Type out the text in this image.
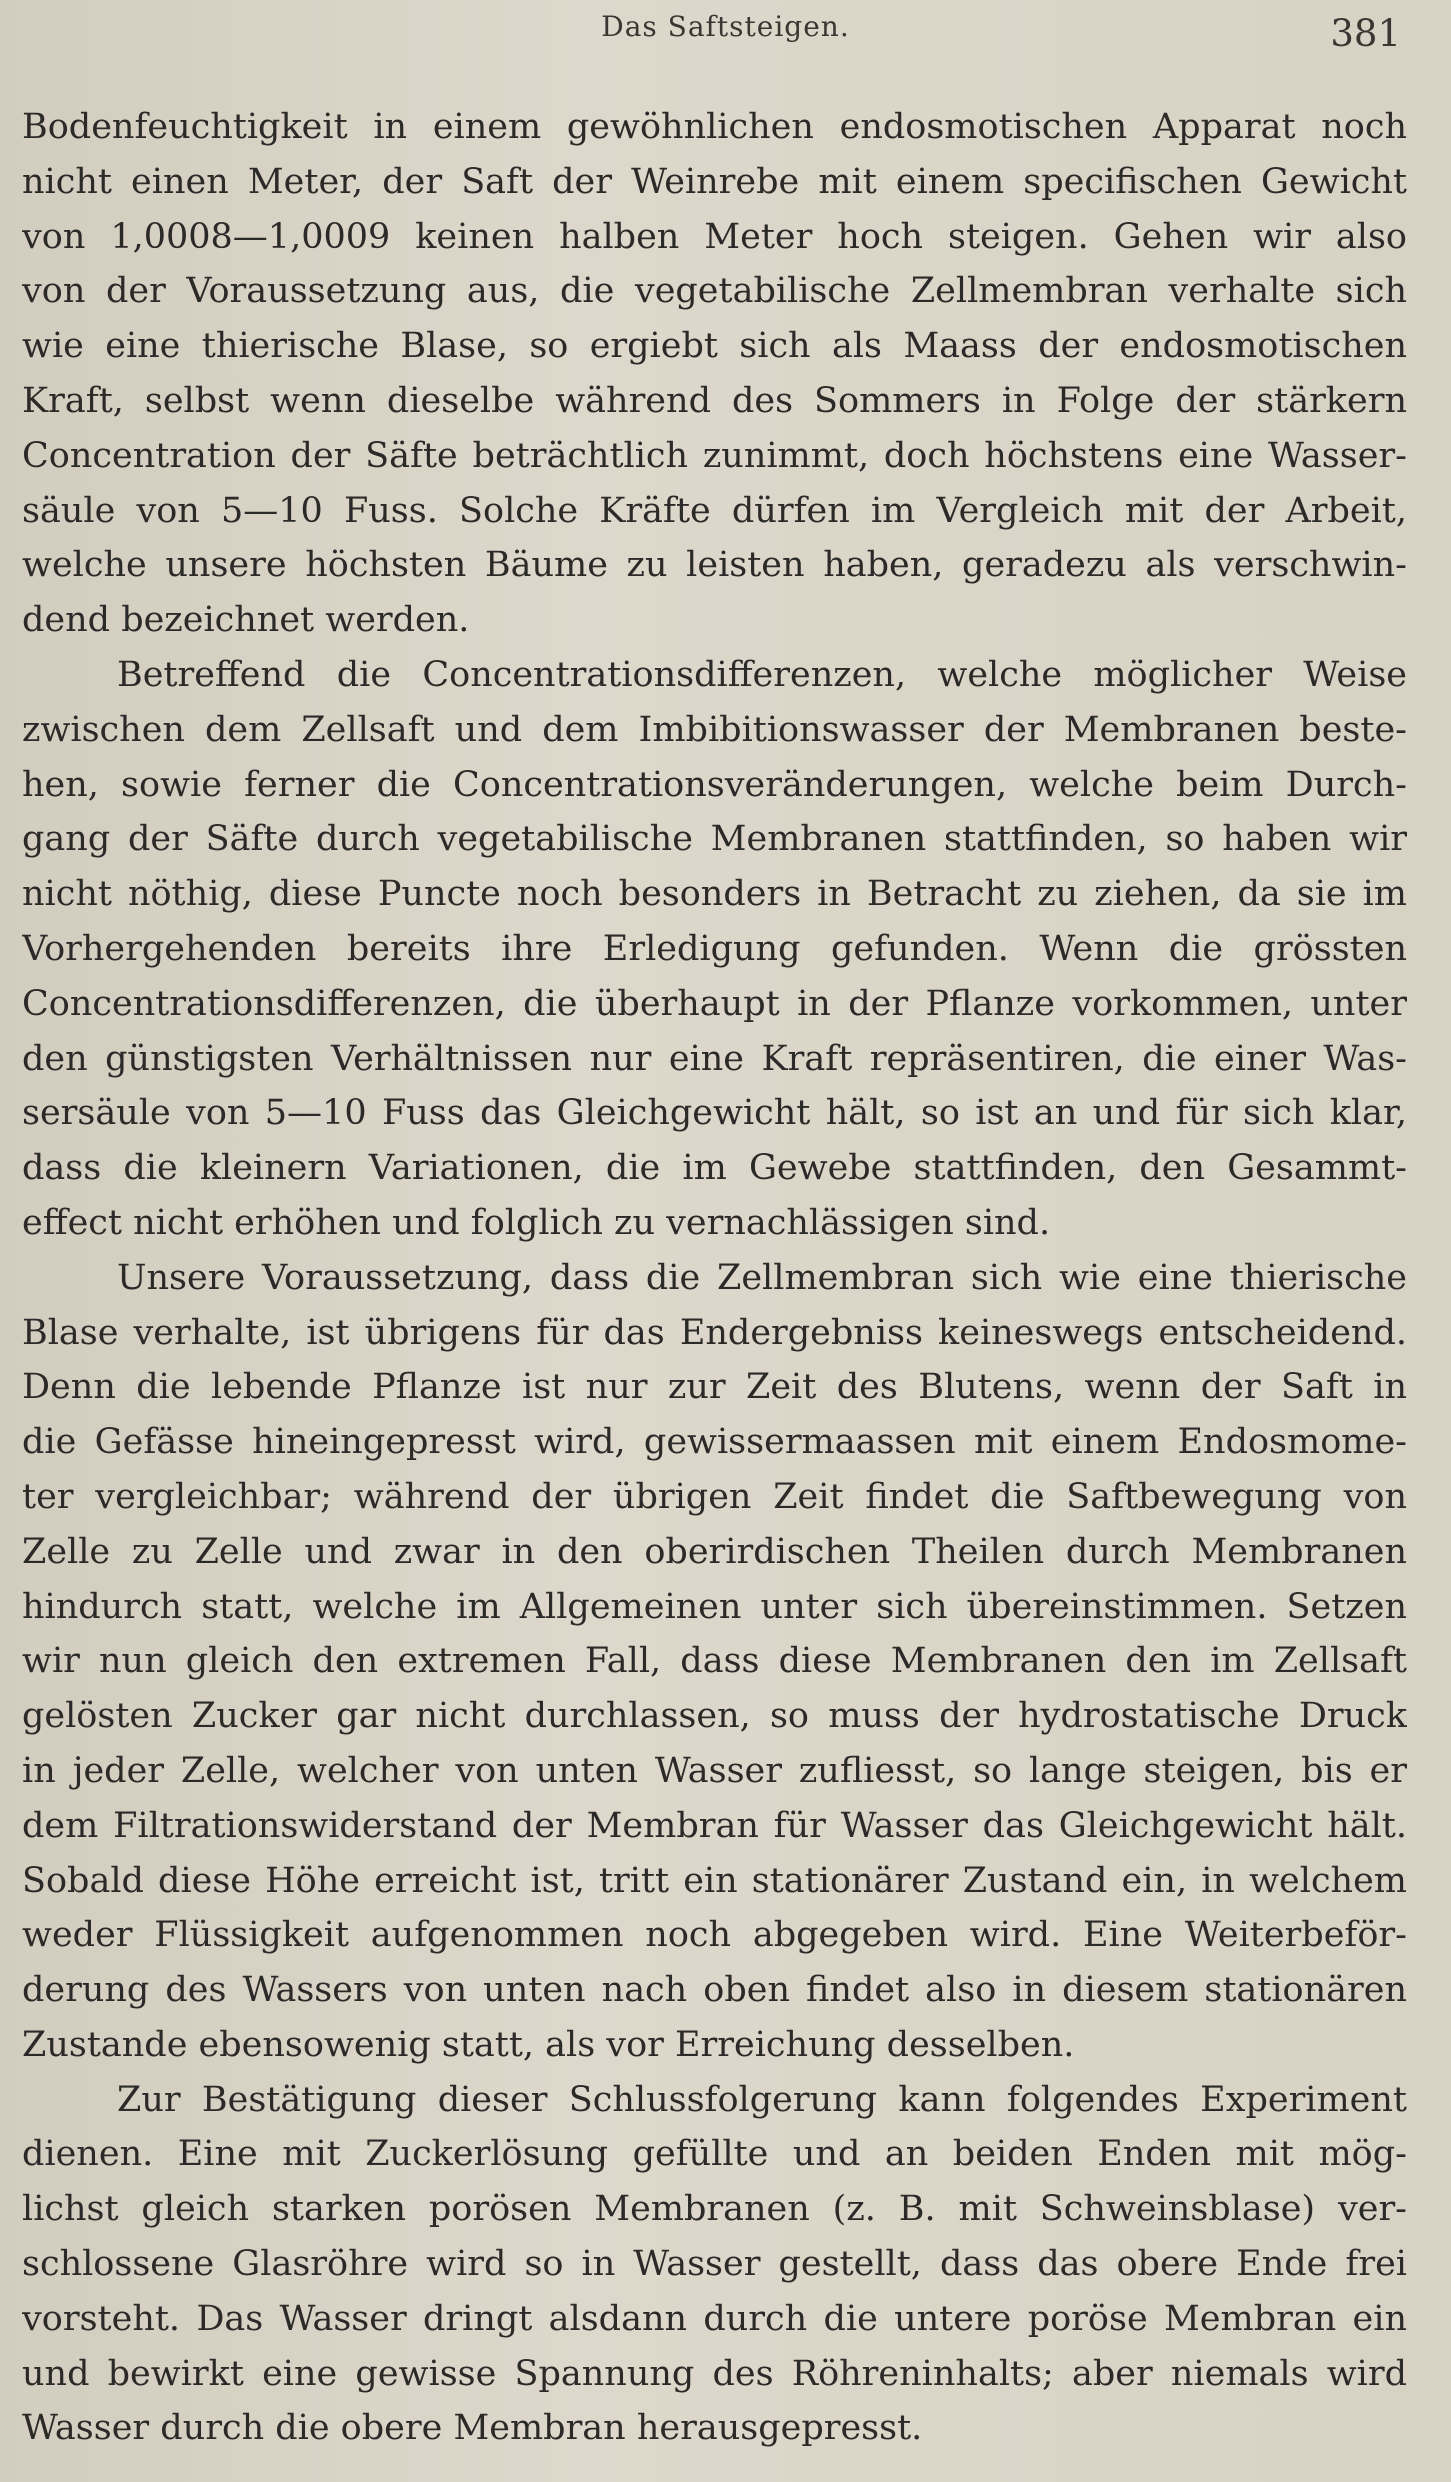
Das Saftsteigen.	381
Bodenfeuchtigkeit in einem gewöhnlichen endosmotischen Apparat noch
nicht einen Meter, der Saft der Weinrebe mit einem specifischen Gewicht
von 1,0008—1,0009 keinen halben Meter hoch steigen. Gehen wir also
von der Voraussetzung aus, die vegetabilische Zellmembran verhalte sich
wie eine thierische Blase, so ergiebt sich als Maass der endosmotischen
Kraft, selbst wenn dieselbe während des Sommers in Folge der stärkern
Concentration der Säfte beträchtlich zunimmt, doch höchstens eine Wasser-
säule von 5—10 Fuss. Solche Kräfte dürfen im Vergleich mit der Arbeit,
welche unsere höchsten Bäume zu leisten haben, geradezu als verschwin-
dend bezeichnet werden.
Betreffend die Concentrationsdifferenzen, welche möglicher Weise
zwischen dem Zellsaft und dem Imbibitionswasser der Membranen beste-
hen, sowie ferner die Concentrationsveränderungen, welche beim Durch-
gang der Säfte durch vegetabilische Membranen stattfinden, so haben wir
nicht nöthig, diese Puncte noch besonders in Betracht zu ziehen, da sie im
Vorhergehenden bereits ihre Erledigung gefunden. Wenn die grössten
Concentrationsdifferenzen, die überhaupt in der Pflanze vorkommen, unter
den günstigsten Verhältnissen nur eine Kraft repräsentiren, die einer Was-
sersäule von 5—10 Fuss das Gleichgewicht hält, so ist an und für sich klar,
dass die kleinern Variationen, die im Gewebe stattfinden, den Gesammt-
effect nicht erhöhen und folglich zu vernachlässigen sind.
Unsere Voraussetzung, dass die Zellmembran sich wie eine thierische
Blase verhalte, ist übrigens für das Endergebniss keineswegs entscheidend.
Denn die lebende Pflanze ist nur zur Zeit des Blutens, wenn der Saft in
die Gefässe hineingepresst wird, gewissermaassen mit einem Endosmome-
ter vergleichbar; während der übrigen Zeit findet die Saftbewegung von
Zelle zu Zelle und zwar in den oberirdischen Theilen durch Membranen
hindurch statt, welche im Allgemeinen unter sich übereinstimmen. Setzen
wir nun gleich den extremen Fall, dass diese Membranen den im Zellsaft
gelösten Zucker gar nicht durchlassen, so muss der hydrostatische Druck
in jeder Zelle, welcher von unten Wasser zufliesst, so lange steigen, bis er
dem Filtrationswiderstand der Membran für Wasser das Gleichgewicht hält.
Sobald diese Höhe erreicht ist, tritt ein stationärer Zustand ein, in welchem
weder Flüssigkeit aufgenommen noch abgegeben wird. Eine Weiterbeför-
derung des Wassers von unten nach oben findet also in diesem stationären
Zustande ebensowenig statt, als vor Erreichung desselben.
Zur Bestätigung dieser Schlussfolgerung kann folgendes Experiment
dienen. Eine mit Zuckerlösung gefüllte und an beiden Enden mit mög-
lichst gleich starken porösen Membranen (z. B. mit Schweinsblase) ver-
schlossene Glasröhre wird so in Wasser gestellt, dass das obere Ende frei
vorsteht. Das Wasser dringt alsdann durch die untere poröse Membran ein
und bewirkt eine gewisse Spannung des Röhreninhalts; aber niemals wird
Wasser durch die obere Membran herausgepresst.
